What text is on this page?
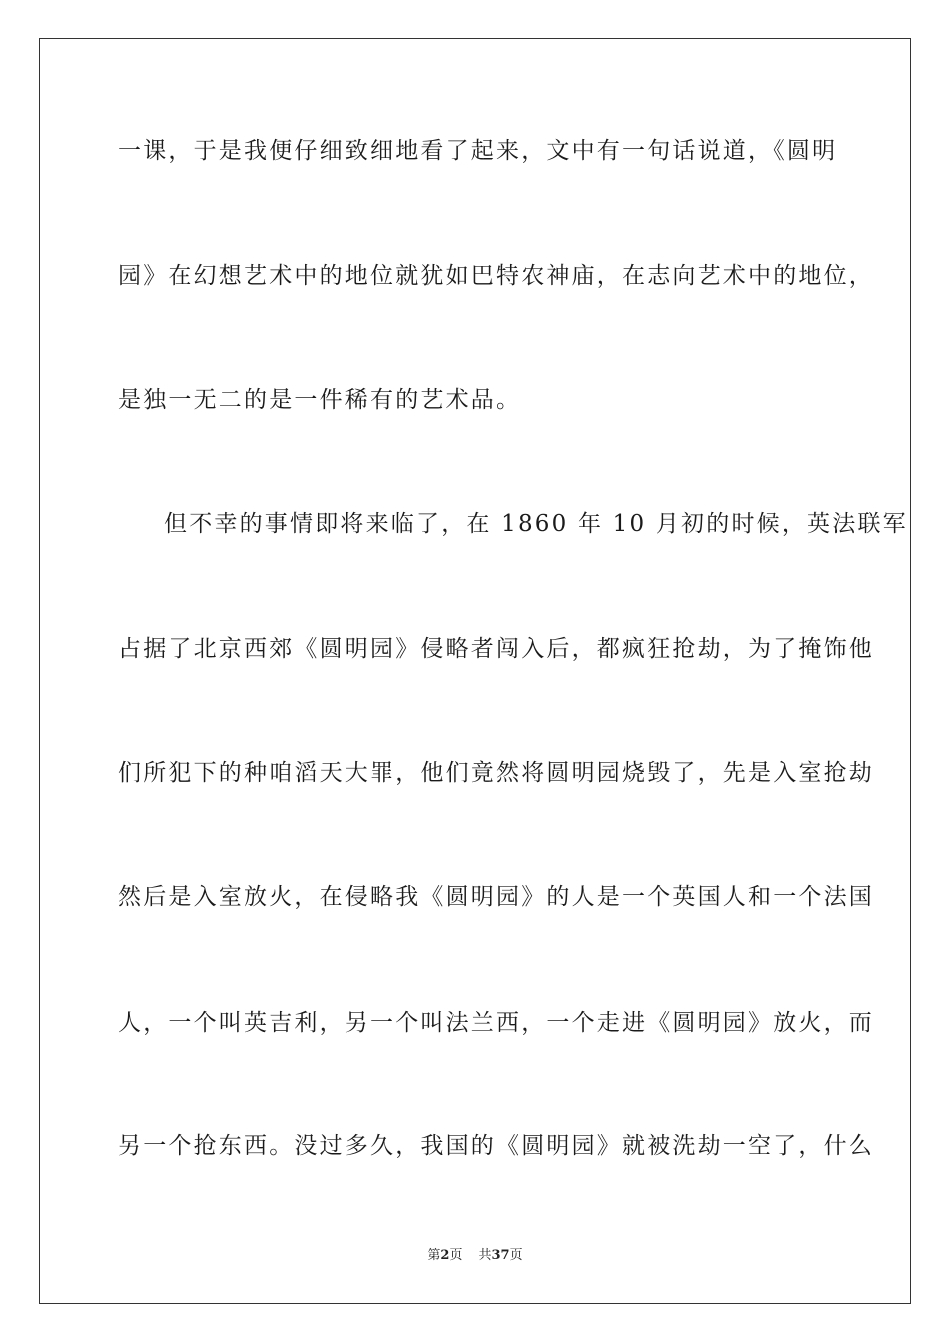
一课，于是我便仔细致细地看了起来，文中有一句话说道，《圆明
园》在幻想艺术中的地位就犹如巴特农神庙，在志向艺术中的地位，
是独一无二的是一件稀有的艺术品。
但不幸的事情即将来临了，在 1860 年 10 月初的时候，英法联军
占据了北京西郊《圆明园》侵略者闯入后，都疯狂抢劫，为了掩饰他
们所犯下的种咱滔天大罪，他们竟然将圆明园烧毁了，先是入室抢劫
然后是入室放火，在侵略我《圆明园》的人是一个英国人和一个法国
人，一个叫英吉利，另一个叫法兰西，一个走进《圆明园》放火，而
另一个抢东西。没过多久，我国的《圆明园》就被洗劫一空了，什么
第2页 共37页
